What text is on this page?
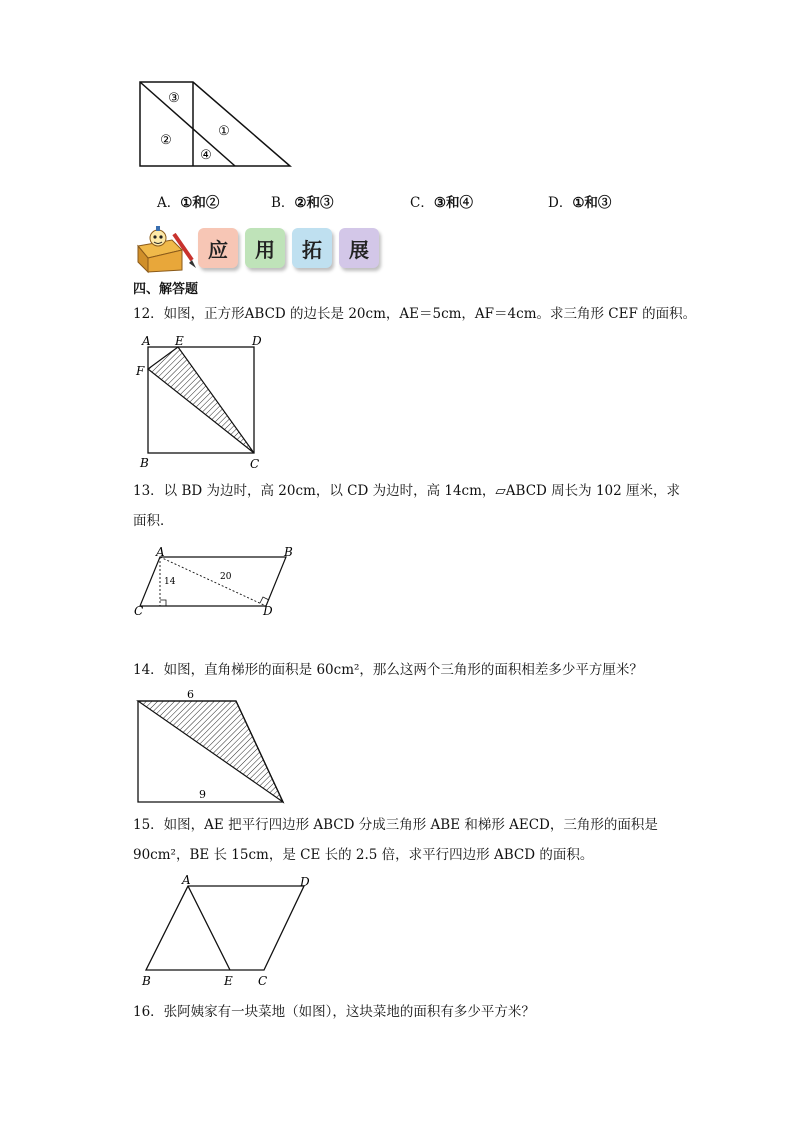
③
②
①
④
A．①和②	B．②和③	C．③和④	D．①和③
应	用	拓	展
四、解答题
12．如图，正方形ABCD 的边长是 20cm，AE＝5cm，AF＝4cm。求三角形 CEF 的面积。
A E	D
F
B	C
13．以 BD 为边时，高 20cm，以 CD 为边时，高 14cm，▱ABCD 周长为 102 厘米，求
面积．
A	B
C	D
14	20
14．如图，直角梯形的面积是 60cm²，那么这两个三角形的面积相差多少平方厘米？
6
9
15．如图，AE 把平行四边形 ABCD 分成三角形 ABE 和梯形 AECD，三角形的面积是
90cm²，BE 长 15cm，是 CE 长的 2.5 倍，求平行四边形 ABCD 的面积。
A	D
B	E C
16．张阿姨家有一块菜地（如图），这块菜地的面积有多少平方米？
